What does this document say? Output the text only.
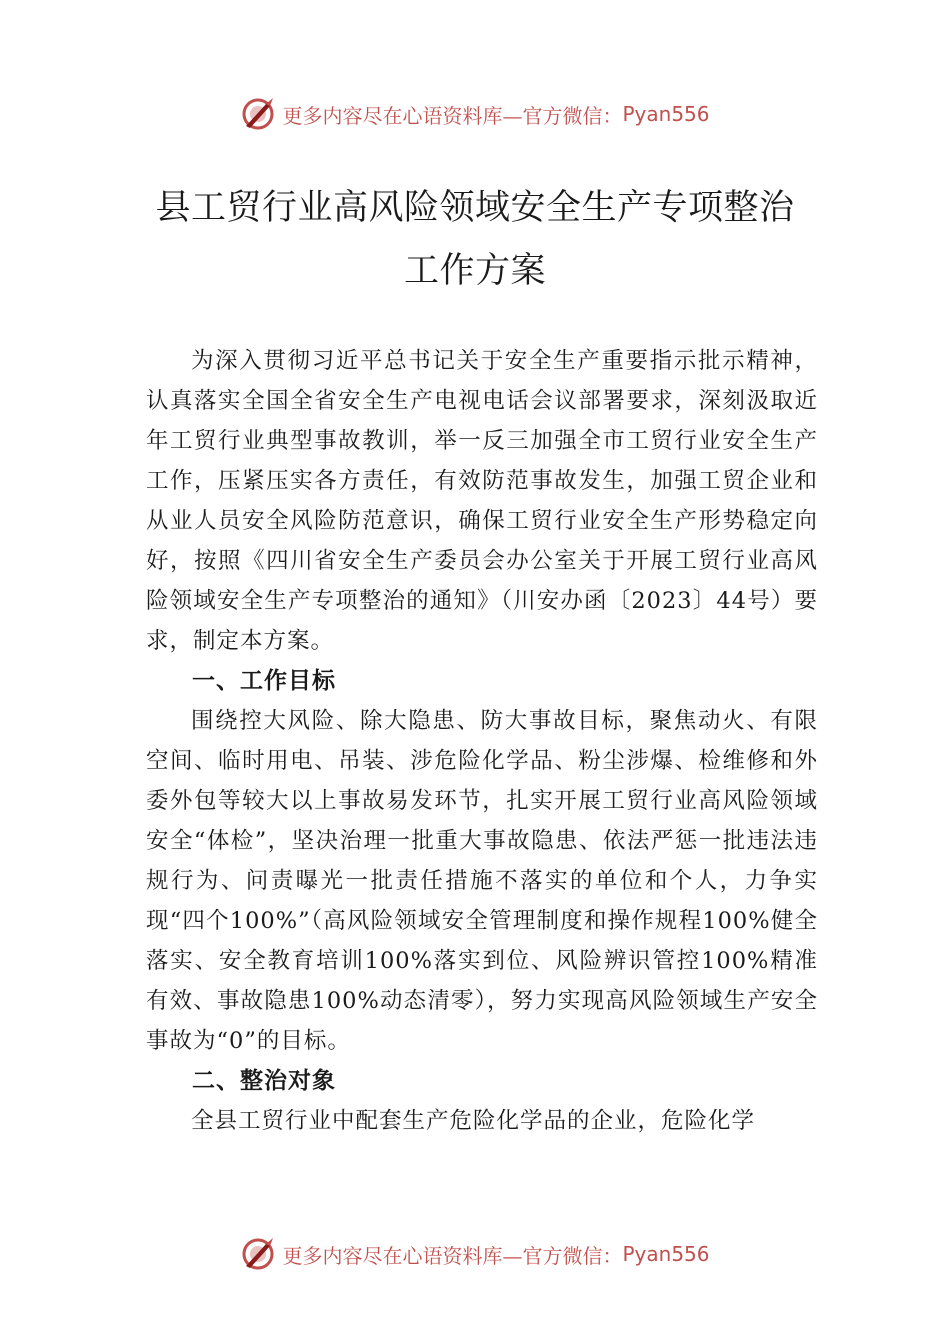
更多内容尽在心语资料库—官方微信： Pyan556
县工贸行业高风险领域安全生产专项整治
工作方案

为深入贯彻习近平总书记关于安全生产重要指示批示精神，认真落实全国全省安全生产电视电话会议部署要求，深刻汲取近年工贸行业典型事故教训，举一反三加强全市工贸行业安全生产工作，压紧压实各方责任，有效防范事故发生，加强工贸企业和从业人员安全风险防范意识，确保工贸行业安全生产形势稳定向好，按照《四川省安全生产委员会办公室关于开展工贸行业高风险领域安全生产专项整治的通知》（川安办函〔2023〕44号）要求，制定本方案。

一、工作目标

围绕控大风险、除大隐患、防大事故目标，聚焦动火、有限空间、临时用电、吊装、涉危险化学品、粉尘涉爆、检维修和外委外包等较大以上事故易发环节，扎实开展工贸行业高风险领域安全“体检”，坚决治理一批重大事故隐患、依法严惩一批违法违规行为、问责曝光一批责任措施不落实的单位和个人，力争实现“四个100%”（高风险领域安全管理制度和操作规程100%健全落实、安全教育培训100%落实到位、风险辨识管控100%精准有效、事故隐患100%动态清零），努力实现高风险领域生产安全事故为“0”的目标。

二、整治对象

全县工贸行业中配套生产危险化学品的企业，危险化学

更多内容尽在心语资料库—官方微信： Pyan556
